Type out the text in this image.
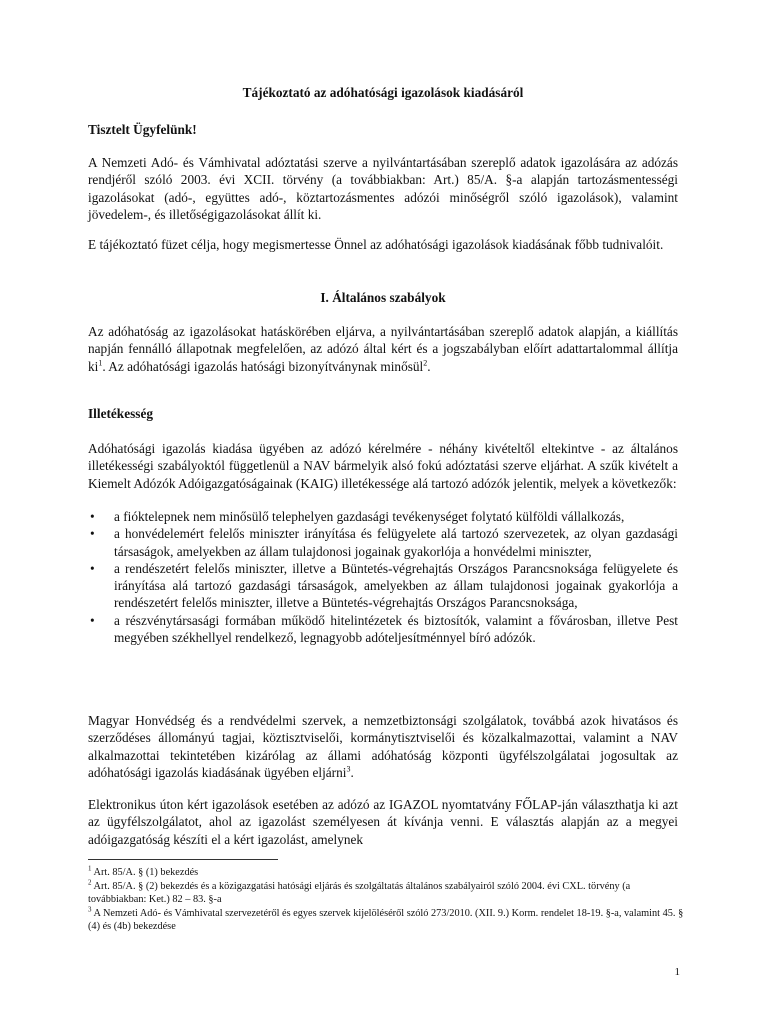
Tájékoztató az adóhatósági igazolások kiadásáról
Tisztelt Ügyfelünk!
A Nemzeti Adó- és Vámhivatal adóztatási szerve a nyilvántartásában szereplő adatok igazolására az adózás rendjéről szóló 2003. évi XCII. törvény (a továbbiakban: Art.) 85/A. §-a alapján tartozásmentességi igazolásokat (adó-, együttes adó-, köztartozásmentes adózói minőségről szóló igazolások), valamint jövedelem-, és illetőségigazolásokat állít ki.
E tájékoztató füzet célja, hogy megismertesse Önnel az adóhatósági igazolások kiadásának főbb tudnivalóit.
I. Általános szabályok
Az adóhatóság az igazolásokat hatáskörében eljárva, a nyilvántartásában szereplő adatok alapján, a kiállítás napján fennálló állapotnak megfelelően, az adózó által kért és a jogszabályban előírt adattartalommal állítja $ki^1$. Az adóhatósági igazolás hatósági bizonyítványnak minősül$^2$.
Illetékesség
Adóhatósági igazolás kiadása ügyében az adózó kérelmére - néhány kivételtől eltekintve - az általános illetékességi szabályoktól függetlenül a NAV bármelyik alsó fokú adóztatási szerve eljárhat. A szűk kivételt a Kiemelt Adózók Adóigazgatóságainak (KAIG) illetékessége alá tartozó adózók jelentik, melyek a következők:
• a fióktelepnek nem minősülő telephelyen gazdasági tevékenységet folytató külföldi vállalkozás,
• a honvédelemért felelős miniszter irányítása és felügyelete alá tartozó szervezetek, az olyan gazdasági társaságok, amelyekben az állam tulajdonosi jogainak gyakorlója a honvédelmi miniszter,
• a rendészetért felelős miniszter, illetve a Büntetés-végrehajtás Országos Parancsnoksága felügyelete és irányítása alá tartozó gazdasági társaságok, amelyekben az állam tulajdonosi jogainak gyakorlója a rendészetért felelős miniszter, illetve a Büntetés-végrehajtás Országos Parancsnoksága,
• a részvénytársasági formában működő hitelintézetek és biztosítók, valamint a fővárosban, illetve Pest megyében székhellyel rendelkező, legnagyobb adóteljesítménnyel bíró adózók.
Magyar Honvédség és a rendvédelmi szervek, a nemzetbiztonsági szolgálatok, továbbá azok hivatásos és szerződéses állományú tagjai, köztisztviselői, kormánytisztviselői és közalkalmazottai, valamint a NAV alkalmazottai tekintetében kizárólag az állami adóhatóság központi ügyfélszolgálatai jogosultak az adóhatósági igazolás kiadásának ügyében eljárni$^3$.
Elektronikus úton kért igazolások esetében az adózó az IGAZOL nyomtatvány FŐLAP-ján választhatja ki azt az ügyfélszolgálatot, ahol az igazolást személyesen át kívánja venni. E választás alapján az a megyei adóigazgatóság készíti el a kért igazolást, amelynek
$^1$ Art. 85/A. § (1) bekezdés
$^2$ Art. 85/A. § (2) bekezdés és a közigazgatási hatósági eljárás és szolgáltatás általános szabályairól szóló 2004. évi CXL. törvény (a továbbiakban: Ket.) 82 – 83. §-a
$^3$ A Nemzeti Adó- és Vámhivatal szervezetéről és egyes szervek kijelöléséről szóló 273/2010. (XII. 9.) Korm. rendelet 18-19. §-a, valamint 45. § (4) és (4b) bekezdése
1
